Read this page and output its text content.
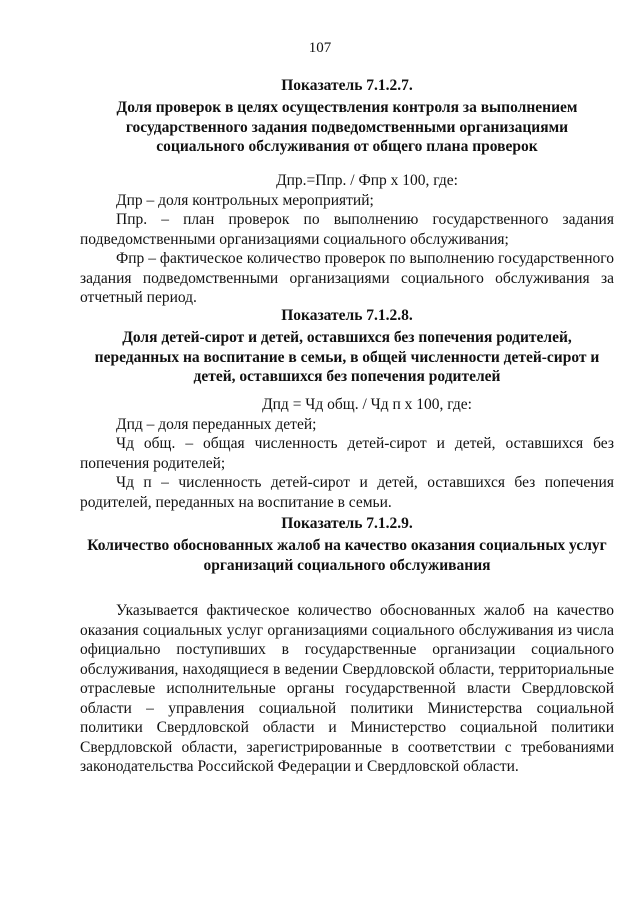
107
Показатель 7.1.2.7.
Доля проверок в целях осуществления контроля за выполнением государственного задания подведомственными организациями социального обслуживания от общего плана проверок
Дпр.=Ппр. / Фпр х 100, где:

Дпр – доля контрольных мероприятий;

Ппр. – план проверок по выполнению государственного задания подведомственными организациями социального обслуживания;

Фпр – фактическое количество проверок по выполнению государственного задания подведомственными организациями социального обслуживания за отчетный период.

Показатель 7.1.2.8.
Доля детей-сирот и детей, оставшихся без попечения родителей, переданных на воспитание в семьи, в общей численности детей-сирот и детей, оставшихся без попечения родителей
Дпд = Чд общ. / Чд п х 100, где:

Дпд – доля переданных детей;

Чд общ. – общая численность детей-сирот и детей, оставшихся без попечения родителей;

Чд п – численность детей-сирот и детей, оставшихся без попечения родителей, переданных на воспитание в семьи.

Показатель 7.1.2.9.
Количество обоснованных жалоб на качество оказания социальных услуг организаций социального обслуживания

Указывается фактическое количество обоснованных жалоб на качество оказания социальных услуг организациями социального обслуживания из числа официально поступивших в государственные организации социального обслуживания, находящиеся в ведении Свердловской области, территориальные отраслевые исполнительные органы государственной власти Свердловской области – управления социальной политики Министерства социальной политики Свердловской области и Министерство социальной политики Свердловской области, зарегистрированные в соответствии с требованиями законодательства Российской Федерации и Свердловской области.
